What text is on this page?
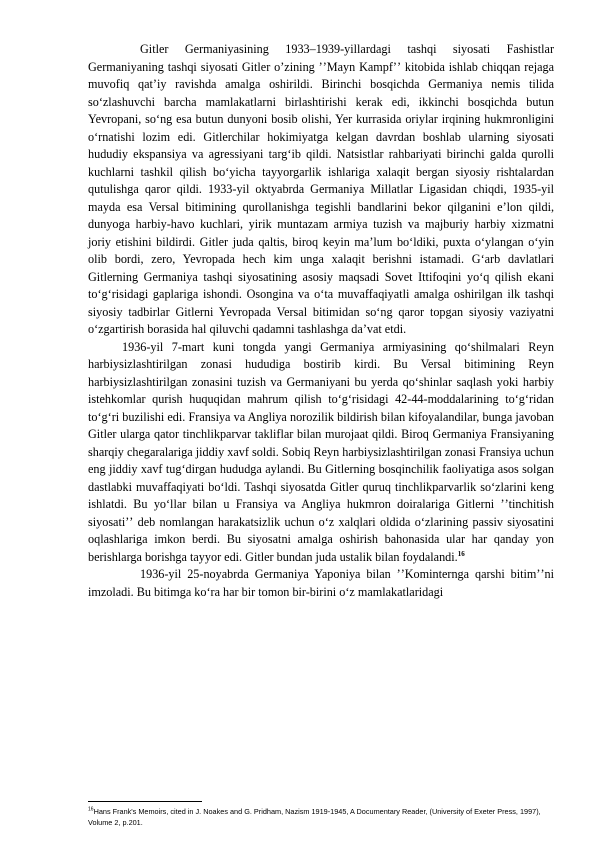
Gitler Germaniyasining 1933–1939-yillardagi tashqi siyosati Fashistlar Germaniyaning tashqi siyosati Gitler oʼzining ʼʼMayn Kampfʼʼ kitobida ishlab chiqqan rejaga muvofiq qatʼiy ravishda amalga oshirildi. Birinchi bosqichda Germaniya nemis tilida soʻzlashuvchi barcha mamlakatlarni birlashtirishi kerak edi, ikkinchi bosqichda butun Yevropani, soʻng esa butun dunyoni bosib olishi, Yer kurrasida oriylar irqining hukmronligini oʻrnatishi lozim edi. Gitlerchilar hokimiyatga kelgan davrdan boshlab ularning siyosati hududiy ekspansiya va agressiyani targʻib qildi. Natsistlar rahbariyati birinchi galda qurolli kuchlarni tashkil qilish boʻyicha tayyorgarlik ishlariga xalaqit bergan siyosiy rishtalardan qutulishga qaror qildi. 1933-yil oktyabrda Germaniya Millatlar Ligasidan chiqdi, 1935-yil mayda esa Versal bitimining qurollanishga tegishli bandlarini bekor qilganini eʼlon qildi, dunyoga harbiy-havo kuchlari, yirik muntazam armiya tuzish va majburiy harbiy xizmatni joriy etishini bildirdi. Gitler juda qaltis, biroq keyin maʼlum boʻldiki, puxta oʻylangan oʻyin olib bordi, zero, Yevropada hech kim unga xalaqit berishni istamadi. Gʻarb davlatlari Gitlerning Germaniya tashqi siyosatining asosiy maqsadi Sovet Ittifoqini yoʻq qilish ekani toʻgʻrisidagi gaplariga ishondi. Osongina va oʻta muvaffaqiyatli amalga oshirilgan ilk tashqi siyosiy tadbirlar Gitlerni Yevropada Versal bitimidan soʻng qaror topgan siyosiy vaziyatni oʻzgartirish borasida hal qiluvchi qadamni tashlashga daʼvat etdi.

1936-yil 7-mart kuni tongda yangi Germaniya armiyasining qoʻshilmalari Reyn harbiysizlashtirilgan zonasi hududiga bostirib kirdi. Bu Versal bitimining Reyn harbiysizlashtirilgan zonasini tuzish va Germaniyani bu yerda qoʻshinlar saqlash yoki harbiy istehkomlar qurish huquqidan mahrum qilish toʻgʻrisidagi 42-44-moddalarining toʻgʻridan toʻgʻri buzilishi edi. Fransiya va Angliya norozilik bildirish bilan kifoyalandilar, bunga javoban Gitler ularga qator tinchlikparvar takliflar bilan murojaat qildi. Biroq Germaniya Fransiyaning sharqiy chegaralariga jiddiy xavf soldi. Sobiq Reyn harbiysizlashtirilgan zonasi Fransiya uchun eng jiddiy xavf tugʻdirgan hududga aylandi. Bu Gitlerning bosqinchilik faoliyatiga asos solgan dastlabki muvaffaqiyati boʻldi. Tashqi siyosatda Gitler quruq tinchlikparvarlik soʻzlarini keng ishlatdi. Bu yoʻllar bilan u Fransiya va Angliya hukmron doiralariga Gitlerni ʼʼtinchitish siyosatiʼʼ deb nomlangan harakatsizlik uchun oʻz xalqlari oldida oʻzlarining passiv siyosatini oqlashlariga imkon berdi. Bu siyosatni amalga oshirish bahonasida ular har qanday yon berishlarga borishga tayyor edi. Gitler bundan juda ustalik bilan foydalandi.$^{16}$

1936-yil 25-noyabrda Germaniya Yaponiya bilan ʼʼKominternga qarshi bitimʼʼni imzoladi. Bu bitimga koʻra har bir tomon bir-birini oʻz mamlakatlaridagi

$^{16}$Hans Frank's Memoirs, cited in J. Noakes and G. Pridham, Nazism 1919-1945, A Documentary Reader, (University of Exeter Press, 1997), Volume 2, p.201.
